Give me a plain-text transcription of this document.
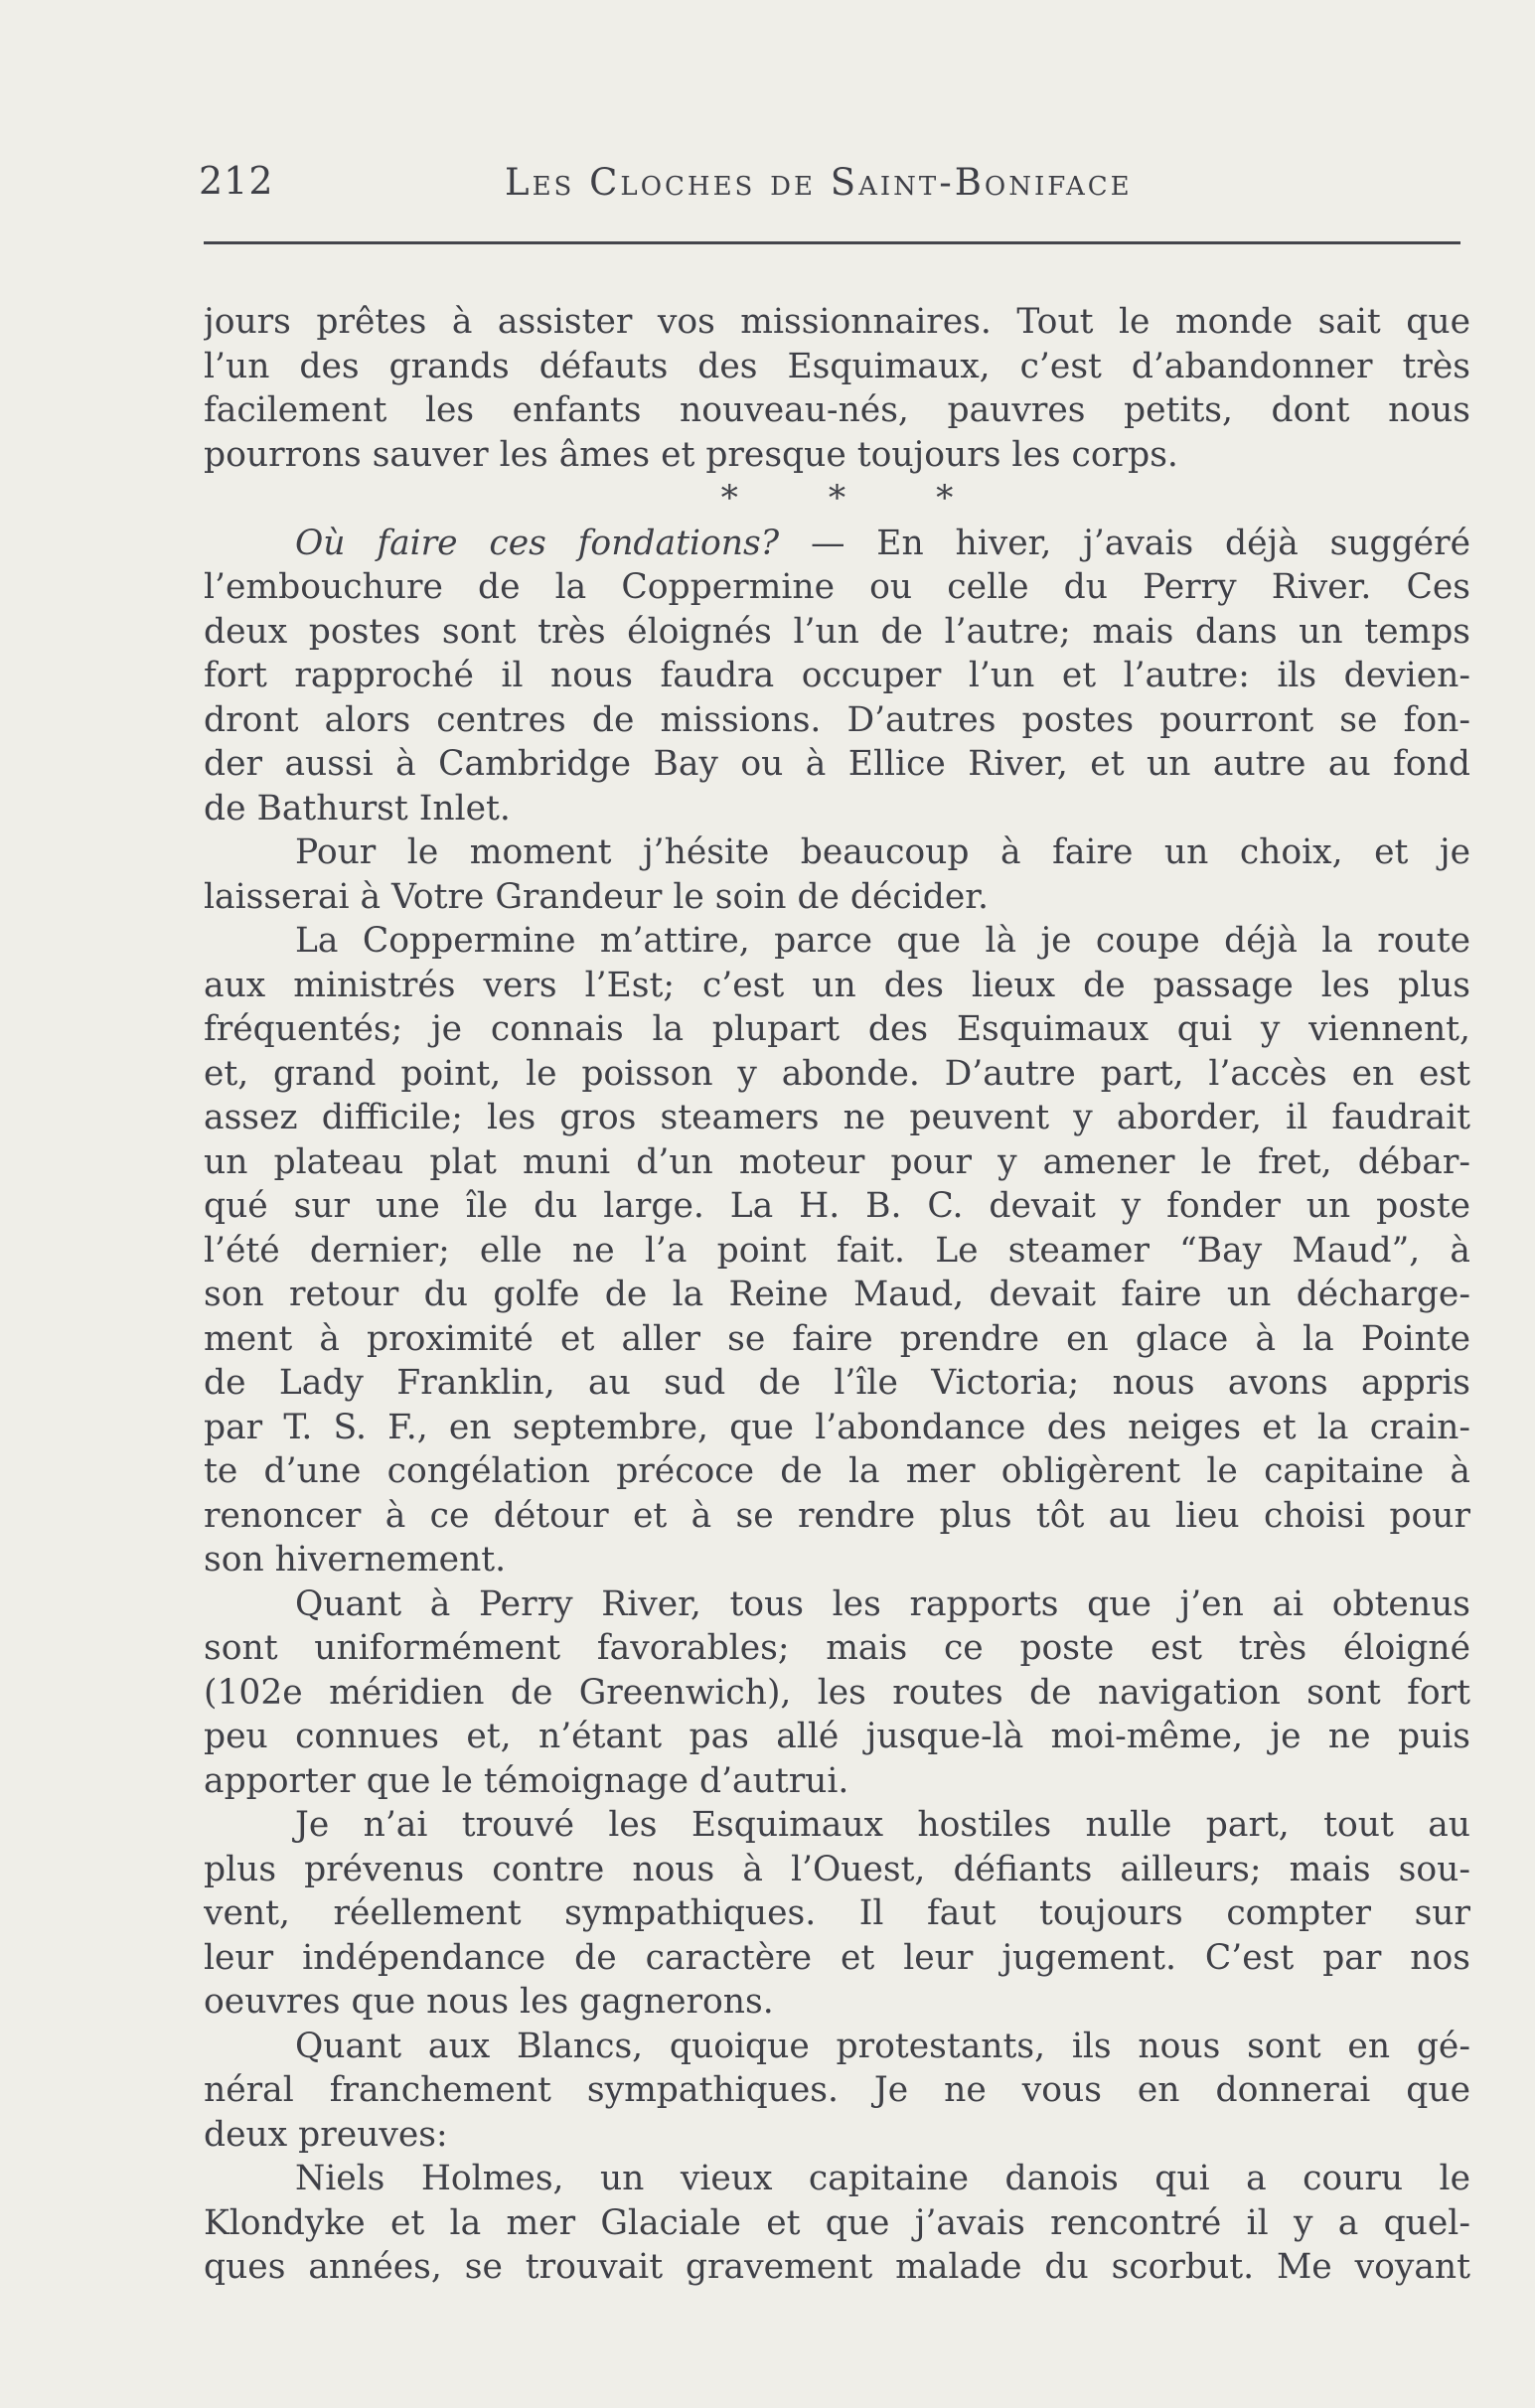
212	Les Cloches de Saint-Boniface
jours prêtes à assister vos missionnaires. Tout le monde sait que
l’un des grands défauts des Esquimaux, c’est d’abandonner très
facilement les enfants nouveau-nés, pauvres petits, dont nous
pourrons sauver les âmes et presque toujours les corps.
* * *
Où faire ces fondations? — En hiver, j’avais déjà suggéré
l’embouchure de la Coppermine ou celle du Perry River. Ces
deux postes sont très éloignés l’un de l’autre; mais dans un temps
fort rapproché il nous faudra occuper l’un et l’autre: ils devien-
dront alors centres de missions. D’autres postes pourront se fon-
der aussi à Cambridge Bay ou à Ellice River, et un autre au fond
de Bathurst Inlet.
Pour le moment j’hésite beaucoup à faire un choix, et je
laisserai à Votre Grandeur le soin de décider.
La Coppermine m’attire, parce que là je coupe déjà la route
aux ministrés vers l’Est; c’est un des lieux de passage les plus
fréquentés; je connais la plupart des Esquimaux qui y viennent,
et, grand point, le poisson y abonde. D’autre part, l’accès en est
assez difficile; les gros steamers ne peuvent y aborder, il faudrait
un plateau plat muni d’un moteur pour y amener le fret, débar-
qué sur une île du large. La H. B. C. devait y fonder un poste
l’été dernier; elle ne l’a point fait. Le steamer “Bay Maud”, à
son retour du golfe de la Reine Maud, devait faire un décharge-
ment à proximité et aller se faire prendre en glace à la Pointe
de Lady Franklin, au sud de l’île Victoria; nous avons appris
par T. S. F., en septembre, que l’abondance des neiges et la crain-
te d’une congélation précoce de la mer obligèrent le capitaine à
renoncer à ce détour et à se rendre plus tôt au lieu choisi pour
son hivernement.
Quant à Perry River, tous les rapports que j’en ai obtenus
sont uniformément favorables; mais ce poste est très éloigné
(102e méridien de Greenwich), les routes de navigation sont fort
peu connues et, n’étant pas allé jusque-là moi-même, je ne puis
apporter que le témoignage d’autrui.
Je n’ai trouvé les Esquimaux hostiles nulle part, tout au
plus prévenus contre nous à l’Ouest, défiants ailleurs; mais sou-
vent, réellement sympathiques. Il faut toujours compter sur
leur indépendance de caractère et leur jugement. C’est par nos
oeuvres que nous les gagnerons.
Quant aux Blancs, quoique protestants, ils nous sont en gé-
néral franchement sympathiques. Je ne vous en donnerai que
deux preuves:
Niels Holmes, un vieux capitaine danois qui a couru le
Klondyke et la mer Glaciale et que j’avais rencontré il y a quel-
ques années, se trouvait gravement malade du scorbut. Me voyant
